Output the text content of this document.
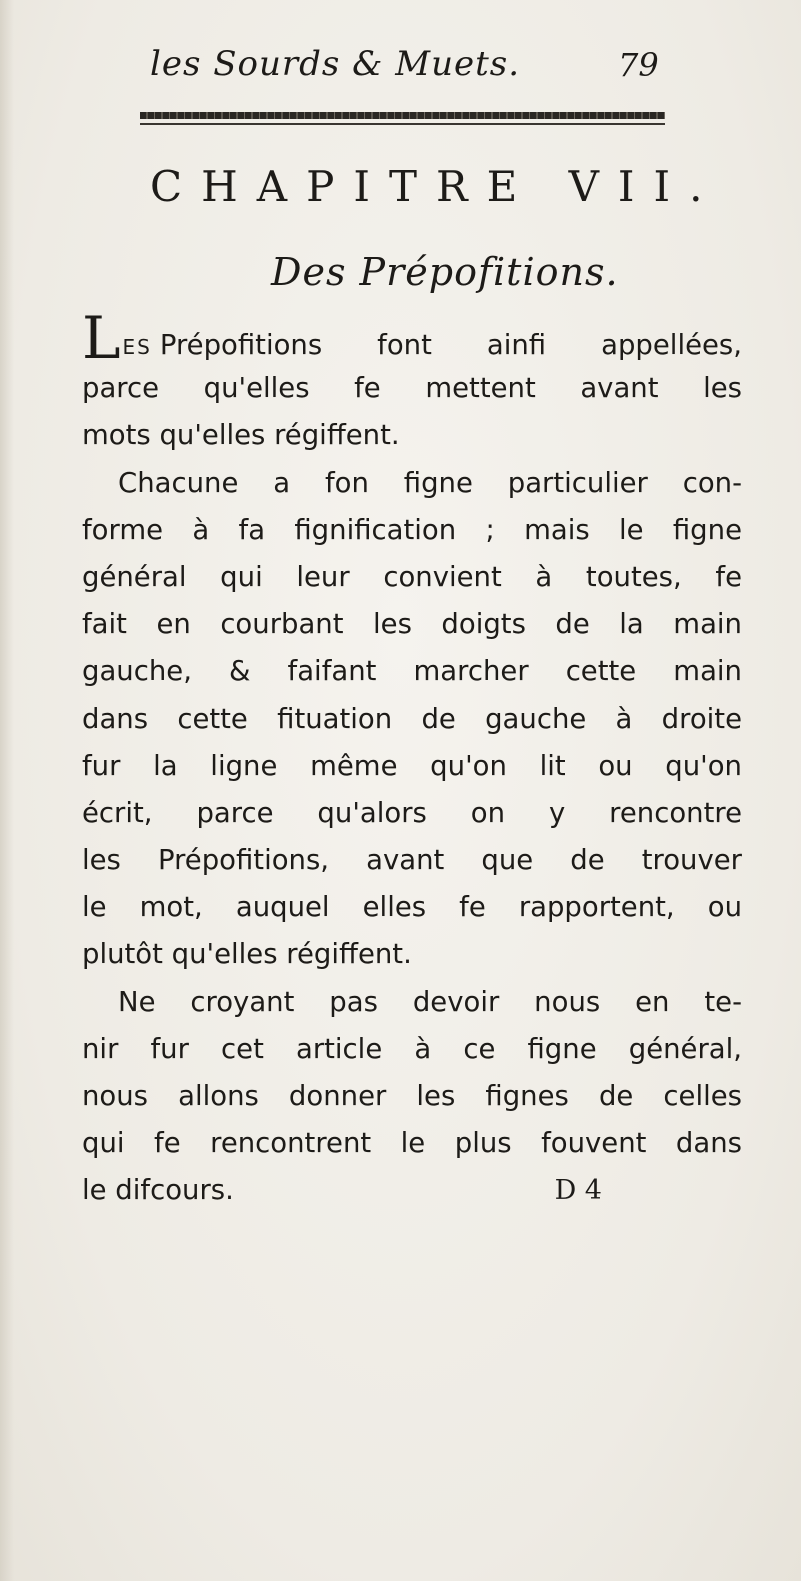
les Sourds & Muets.	79
CHAPITRE VII.
Des Prépofitions.
LES Prépofitions font ainfi appellées,
parce qu'elles fe mettent avant les
mots qu'elles régiffent.
Chacune a fon figne particulier con-
forme à fa fignification ; mais le figne
général qui leur convient à toutes, fe
fait en courbant les doigts de la main
gauche, & faifant marcher cette main
dans cette fituation de gauche à droite
fur la ligne même qu'on lit ou qu'on
écrit, parce qu'alors on y rencontre
les Prépofitions, avant que de trouver
le mot, auquel elles fe rapportent, ou
plutôt qu'elles régiffent.
Ne croyant pas devoir nous en te-
nir fur cet article à ce figne général,
nous allons donner les fignes de celles
qui fe rencontrent le plus fouvent dans
le difcours.	D 4
